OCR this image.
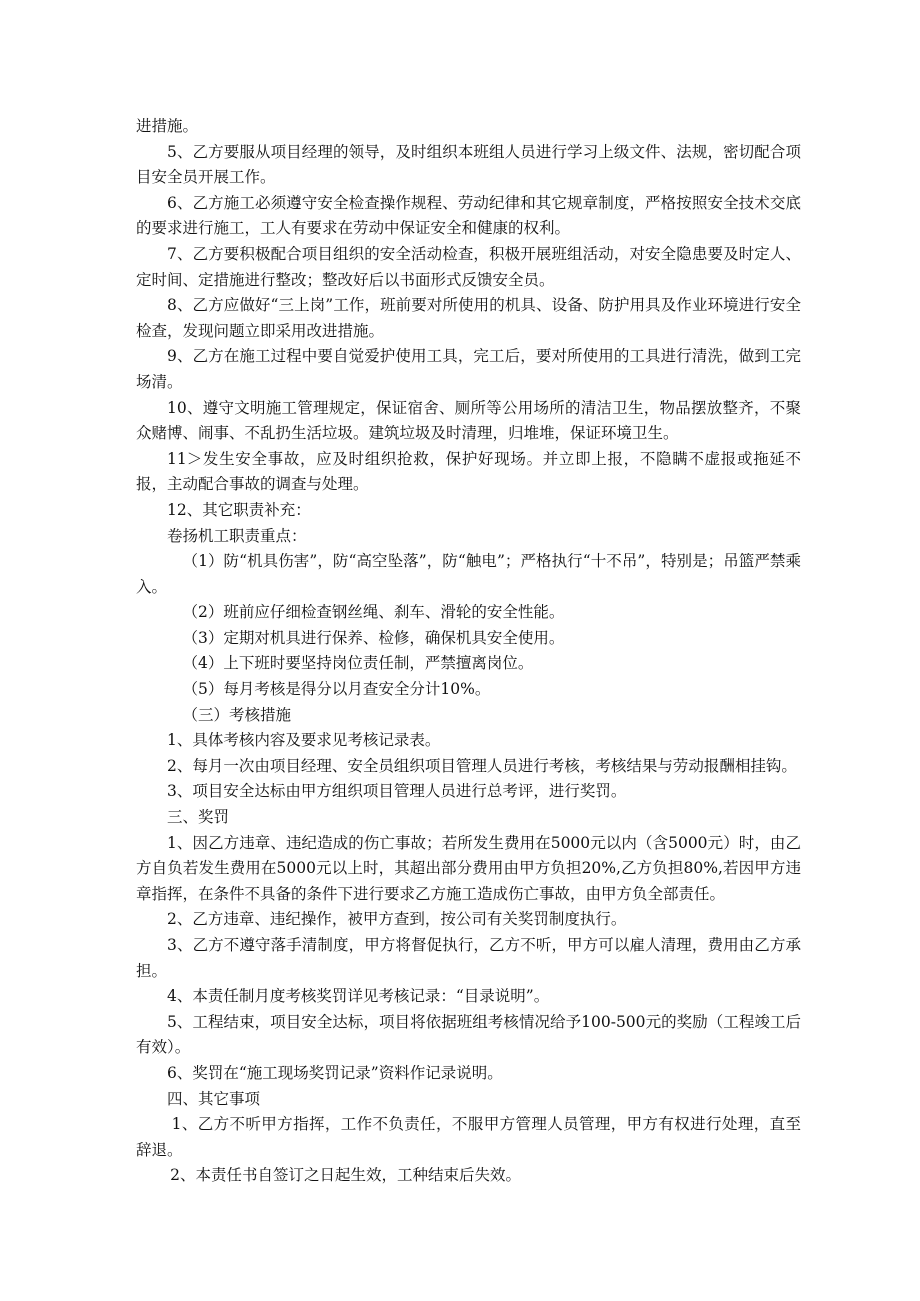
进措施。

5、乙方要服从项目经理的领导，及时组织本班组人员进行学习上级文件、法规，密切配合项目安全员开展工作。

6、乙方施工必须遵守安全检查操作规程、劳动纪律和其它规章制度，严格按照安全技术交底的要求进行施工，工人有要求在劳动中保证安全和健康的权利。

7、乙方要积极配合项目组织的安全活动检查，积极开展班组活动，对安全隐患要及时定人、定时间、定措施进行整改；整改好后以书面形式反馈安全员。

8、乙方应做好“三上岗”工作，班前要对所使用的机具、设备、防护用具及作业环境进行安全检查，发现问题立即采用改进措施。

9、乙方在施工过程中要自觉爱护使用工具，完工后，要对所使用的工具进行清洗，做到工完场清。

10、遵守文明施工管理规定，保证宿舍、厕所等公用场所的清洁卫生，物品摆放整齐，不聚众赌博、闹事、不乱扔生活垃圾。建筑垃圾及时清理，归堆堆，保证环境卫生。

11＞发生安全事故，应及时组织抢救，保护好现场。并立即上报，不隐瞒不虚报或拖延不报，主动配合事故的调查与处理。

12、其它职责补充：

卷扬机工职责重点：

（1）防“机具伤害”，防“高空坠落”，防“触电”；严格执行“十不吊”，特别是；吊篮严禁乘入。

（2）班前应仔细检查钢丝绳、刹车、滑轮的安全性能。

（3）定期对机具进行保养、检修，确保机具安全使用。

（4）上下班时要坚持岗位责任制，严禁擅离岗位。

（5）每月考核是得分以月查安全分计10%。

（三）考核措施

1、具体考核内容及要求见考核记录表。

2、每月一次由项目经理、安全员组织项目管理人员进行考核，考核结果与劳动报酬相挂钩。

3、项目安全达标由甲方组织项目管理人员进行总考评，进行奖罚。

三、奖罚

1、因乙方违章、违纪造成的伤亡事故；若所发生费用在5000元以内（含5000元）时，由乙方自负若发生费用在5000元以上时，其超出部分费用由甲方负担20%,乙方负担80%,若因甲方违章指挥，在条件不具备的条件下进行要求乙方施工造成伤亡事故，由甲方负全部责任。

2、乙方违章、违纪操作，被甲方查到，按公司有关奖罚制度执行。

3、乙方不遵守落手清制度，甲方将督促执行，乙方不听，甲方可以雇人清理，费用由乙方承担。

4、本责任制月度考核奖罚详见考核记录：“目录说明”。

5、工程结束，项目安全达标，项目将依据班组考核情况给予100-500元的奖励（工程竣工后有效）。

6、奖罚在“施工现场奖罚记录”资料作记录说明。

四、其它事项

1、乙方不听甲方指挥，工作不负责任，不服甲方管理人员管理，甲方有权进行处理，直至辞退。

2、本责任书自签订之日起生效，工种结束后失效。
